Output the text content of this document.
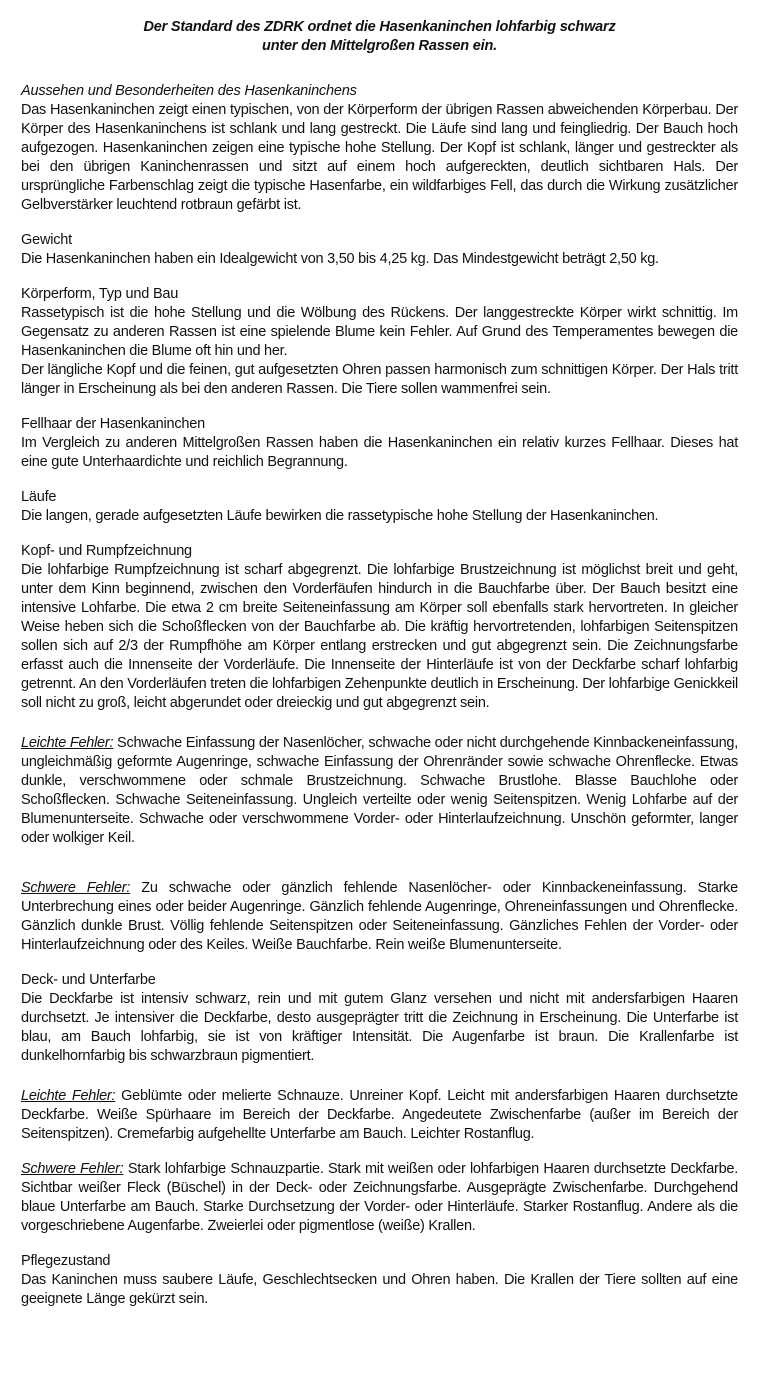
Der Standard des ZDRK ordnet die Hasenkaninchen lohfarbig schwarz
unter den Mittelgroßen Rassen ein.

Aussehen und Besonderheiten des Hasenkaninchens

Das Hasenkaninchen zeigt einen typischen, von der Körperform der übrigen Rassen abweichenden Körperbau. Der Körper des Hasenkaninchens ist schlank und lang gestreckt. Die Läufe sind lang und feingliedrig. Der Bauch hoch aufgezogen. Hasenkaninchen zeigen eine typische hohe Stellung. Der Kopf ist schlank, länger und gestreckter als bei den übrigen Kaninchenrassen und sitzt auf einem hoch aufgereckten, deutlich sichtbaren Hals. Der ursprüngliche Farbenschlag zeigt die typische Hasenfarbe, ein wildfarbiges Fell, das durch die Wirkung zusätzlicher Gelbverstärker leuchtend rotbraun gefärbt ist.

Gewicht

Die Hasenkaninchen haben ein Idealgewicht von 3,50 bis 4,25 kg. Das Mindestgewicht beträgt 2,50 kg.

Körperform, Typ und Bau

Rassetypisch ist die hohe Stellung und die Wölbung des Rückens. Der langgestreckte Körper wirkt schnittig. Im Gegensatz zu anderen Rassen ist eine spielende Blume kein Fehler. Auf Grund des Temperamentes bewegen die Hasenkaninchen die Blume oft hin und her.

Der längliche Kopf und die feinen, gut aufgesetzten Ohren passen harmonisch zum schnittigen Körper. Der Hals tritt länger in Erscheinung als bei den anderen Rassen. Die Tiere sollen wammenfrei sein.

Fellhaar der Hasenkaninchen

Im Vergleich zu anderen Mittelgroßen Rassen haben die Hasenkaninchen ein relativ kurzes Fellhaar. Dieses hat eine gute Unterhaardichte und reichlich Begrannung.

Läufe

Die langen, gerade aufgesetzten Läufe bewirken die rassetypische hohe Stellung der Hasenkaninchen.

Kopf- und Rumpfzeichnung

Die lohfarbige Rumpfzeichnung ist scharf abgegrenzt. Die lohfarbige Brustzeichnung ist möglichst breit und geht, unter dem Kinn beginnend, zwischen den Vorderfäufen hindurch in die Bauchfarbe über. Der Bauch besitzt eine intensive Lohfarbe. Die etwa 2 cm breite Seiteneinfassung am Körper soll ebenfalls stark hervortreten. In gleicher Weise heben sich die Schoßflecken von der Bauchfarbe ab. Die kräftig hervortretenden, lohfarbigen Seitenspitzen sollen sich auf 2/3 der Rumpfhöhe am Körper entlang erstrecken und gut abgegrenzt sein. Die Zeichnungsfarbe erfasst auch die Innenseite der Vorderläufe. Die Innenseite der Hinterläufe ist von der Deckfarbe scharf lohfarbig getrennt. An den Vorderläufen treten die lohfarbigen Zehenpunkte deutlich in Erscheinung. Der lohfarbige Genickkeil soll nicht zu groß, leicht abgerundet oder dreieckig und gut abgegrenzt sein.

Leichte Fehler: Schwache Einfassung der Nasenlöcher, schwache oder nicht durchgehende Kinnbackeneinfassung, ungleichmäßig geformte Augenringe, schwache Einfassung der Ohrenränder sowie schwache Ohrenflecke. Etwas dunkle, verschwommene oder schmale Brustzeichnung. Schwache Brustlohe. Blasse Bauchlohe oder Schoßflecken. Schwache Seiteneinfassung. Ungleich verteilte oder wenig Seitenspitzen. Wenig Lohfarbe auf der Blumenunterseite. Schwache oder verschwommene Vorder- oder Hinterlaufzeichnung. Unschön geformter, langer oder wolkiger Keil.

Schwere Fehler: Zu schwache oder gänzlich fehlende Nasenlöcher- oder Kinnbackeneinfassung. Starke Unterbrechung eines oder beider Augenringe. Gänzlich fehlende Augenringe, Ohreneinfassungen und Ohrenflecke. Gänzlich dunkle Brust. Völlig fehlende Seitenspitzen oder Seiteneinfassung. Gänzliches Fehlen der Vorder- oder Hinterlaufzeichnung oder des Keiles. Weiße Bauchfarbe. Rein weiße Blumenunterseite.

Deck- und Unterfarbe

Die Deckfarbe ist intensiv schwarz, rein und mit gutem Glanz versehen und nicht mit andersfarbigen Haaren durchsetzt. Je intensiver die Deckfarbe, desto ausgeprägter tritt die Zeichnung in Erscheinung. Die Unterfarbe ist blau, am Bauch lohfarbig, sie ist von kräftiger Intensität. Die Augenfarbe ist braun. Die Krallenfarbe ist dunkelhornfarbig bis schwarzbraun pigmentiert.

Leichte Fehler: Geblümte oder melierte Schnauze. Unreiner Kopf. Leicht mit andersfarbigen Haaren durchsetzte Deckfarbe. Weiße Spürhaare im Bereich der Deckfarbe. Angedeutete Zwischenfarbe (außer im Bereich der Seitenspitzen). Cremefarbig aufgehellte Unterfarbe am Bauch. Leichter Rostanflug.

Schwere Fehler: Stark lohfarbige Schnauzpartie. Stark mit weißen oder lohfarbigen Haaren durchsetzte Deckfarbe. Sichtbar weißer Fleck (Büschel) in der Deck- oder Zeichnungsfarbe. Ausgeprägte Zwischenfarbe. Durchgehend blaue Unterfarbe am Bauch. Starke Durchsetzung der Vorder- oder Hinterläufe. Starker Rostanflug. Andere als die vorgeschriebene Augenfarbe. Zweierlei oder pigmentlose (weiße) Krallen.

Pflegezustand

Das Kaninchen muss saubere Läufe, Geschlechtsecken und Ohren haben. Die Krallen der Tiere sollten auf eine geeignete Länge gekürzt sein.
